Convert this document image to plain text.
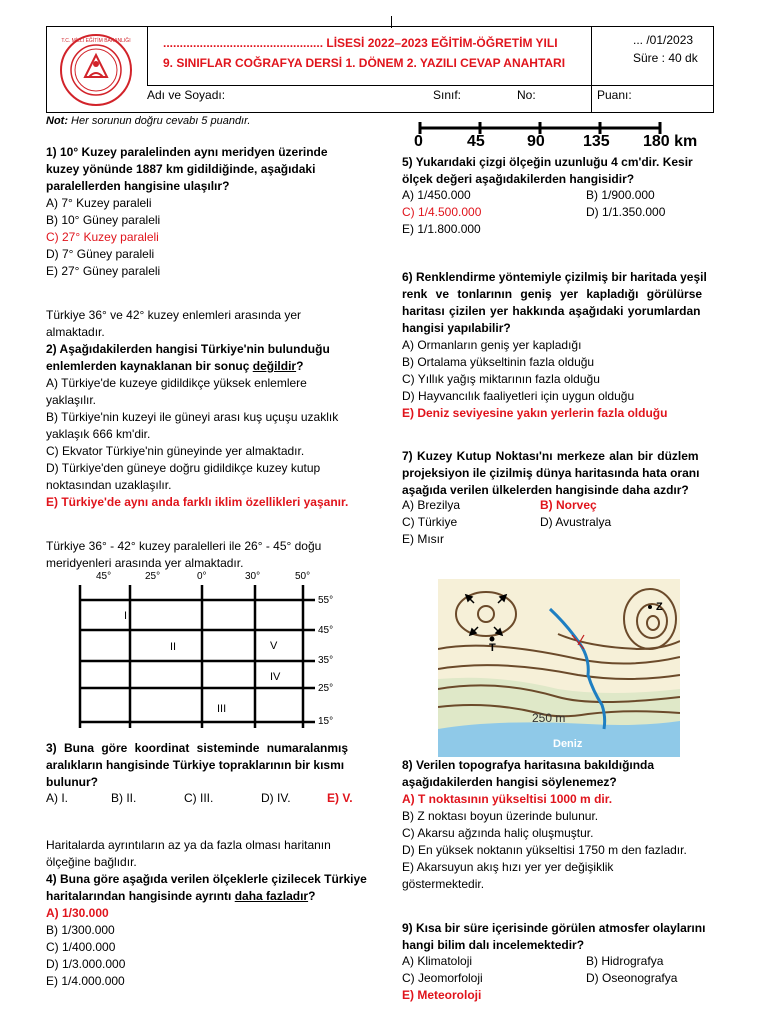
T.C. MİLLÎ EĞİTİM BAKANLIĞI	................................................ LİSESİ 2022–2023 EĞİTİM-ÖĞRETİM YILI
9. SINIFLAR COĞRAFYA DERSİ 1. DÖNEM 2. YAZILI CEVAP ANAHTARI
... /01/2023
Süre : 40 dk
Adı ve Soyadı:	Sınıf:	No:	Puanı:
Not: Her sorunun doğru cevabı 5 puandır.
1) 10° Kuzey paralelinden aynı meridyen üzerinde
kuzey yönünde 1887 km gidildiğinde, aşağıdaki
paralellerden hangisine ulaşılır?
A) 7° Kuzey paraleli
B) 10° Güney paraleli
C) 27° Kuzey paraleli
D) 7° Güney paraleli
E) 27° Güney paraleli
Türkiye 36° ve 42° kuzey enlemleri arasında yer
almaktadır.
2) Aşağıdakilerden hangisi Türkiye'nin bulunduğu
enlemlerden kaynaklanan bir sonuç değildir?
A) Türkiye'de kuzeye gidildikçe yüksek enlemlere
yaklaşılır.
B) Türkiye'nin kuzeyi ile güneyi arası kuş uçuşu uzaklık
yaklaşık 666 km'dir.
C) Ekvator Türkiye'nin güneyinde yer almaktadır.
D) Türkiye'den güneye doğru gidildikçe kuzey kutup
noktasından uzaklaşılır.
E) Türkiye'de aynı anda farklı iklim özellikleri yaşanır.
Türkiye 36° - 42° kuzey paralelleri ile 26° - 45° doğu
meridyenleri arasında yer almaktadır.
45°	25°	0°	30°	50°
55°
45°
35°
25°
15°
I
II	V
IV
III
3) Buna göre koordinat sisteminde numaralanmış
aralıkların hangisinde Türkiye topraklarının bir kısmı
bulunur?
A) I.	B) II.	C) III.	D) IV.	E) V.
Haritalarda ayrıntıların az ya da fazla olması haritanın
ölçeğine bağlıdır.
4) Buna göre aşağıda verilen ölçeklerle çizilecek Türkiye
haritalarından hangisinde ayrıntı daha fazladır?
A) 1/30.000
B) 1/300.000
C) 1/400.000
D) 1/3.000.000
E) 1/4.000.000
0	45	90 135 180 km
5) Yukarıdaki çizgi ölçeğin uzunluğu 4 cm'dir. Kesir
ölçek değeri aşağıdakilerden hangisidir?
A) 1/450.000	B) 1/900.000
C) 1/4.500.000	D) 1/1.350.000
E) 1/1.800.000
6) Renklendirme yöntemiyle çizilmiş bir haritada yeşil
renk ve tonlarının geniş yer kapladığı görülürse
haritası çizilen yer hakkında aşağıdaki yorumlardan
hangisi yapılabilir?
A) Ormanların geniş yer kapladığı
B) Ortalama yükseltinin fazla olduğu
C) Yıllık yağış miktarının fazla olduğu
D) Hayvancılık faaliyetleri için uygun olduğu
E) Deniz seviyesine yakın yerlerin fazla olduğu
7) Kuzey Kutup Noktası'nı merkeze alan bir düzlem
projeksiyon ile çizilmiş dünya haritasında hata oranı
aşağıda verilen ülkelerden hangisinde daha azdır?
A) Brezilya	B) Norveç
C) Türkiye	D) Avustralya
E) Mısır
T
Z
250 m
Deniz
8) Verilen topografya haritasına bakıldığında
aşağıdakilerden hangisi söylenemez?
A) T noktasının yükseltisi 1000 m dir.
B) Z noktası boyun üzerinde bulunur.
C) Akarsu ağzında haliç oluşmuştur.
D) En yüksek noktanın yükseltisi 1750 m den fazladır.
E) Akarsuyun akış hızı yer yer değişiklik
göstermektedir.
9) Kısa bir süre içerisinde görülen atmosfer olaylarını
hangi bilim dalı incelemektedir?
A) Klimatoloji	B) Hidrografya
C) Jeomorfoloji	D) Oseonografya
E) Meteoroloji
